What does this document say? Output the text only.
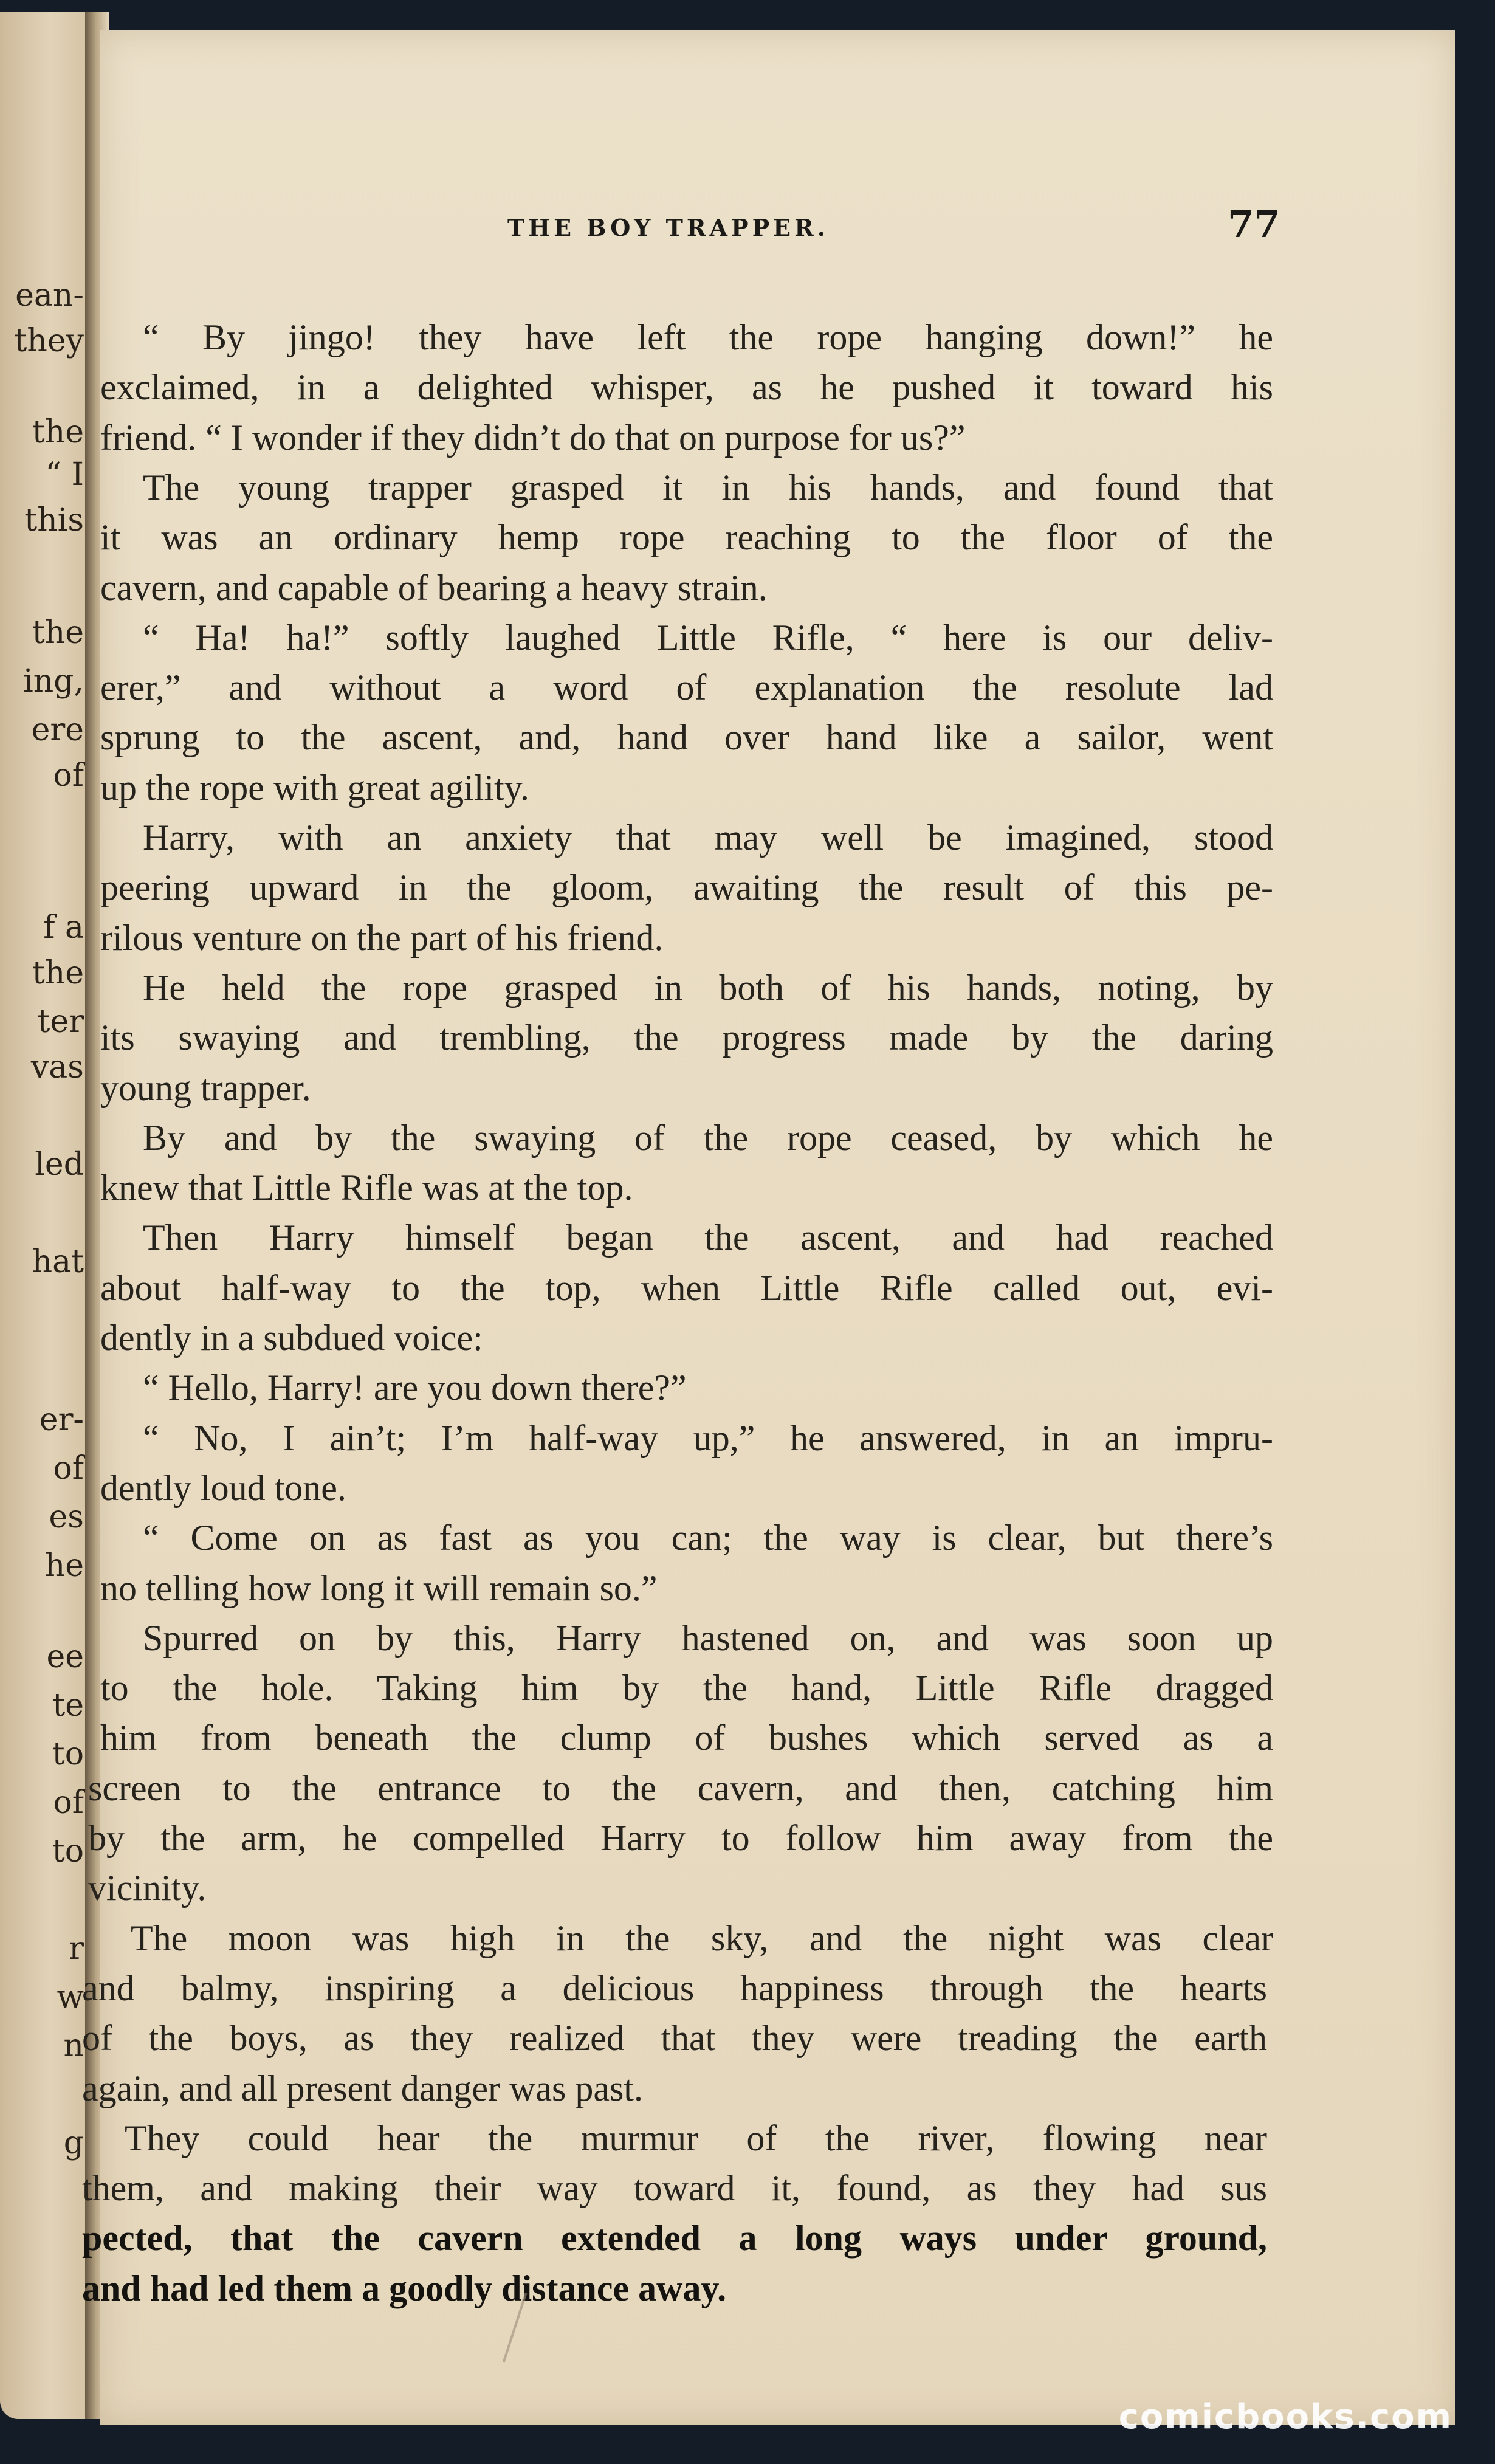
ean-
they
the
“ I
this
the
ing,
ere
of
f a
the
ter
vas
led
hat
er-
of
es
he
ee
te
to
of
to
r
w
n
g
THE BOY TRAPPER.	77
“ By jingo! they have left the rope hanging down!” he
exclaimed, in a delighted whisper, as he pushed it toward his
friend. “ I wonder if they didn’t do that on purpose for us?”
The young trapper grasped it in his hands, and found that
it was an ordinary hemp rope reaching to the floor of the
cavern, and capable of bearing a heavy strain.
“ Ha! ha!” softly laughed Little Rifle, “ here is our deliv-
erer,” and without a word of explanation the resolute lad
sprung to the ascent, and, hand over hand like a sailor, went
up the rope with great agility.
Harry, with an anxiety that may well be imagined, stood
peering upward in the gloom, awaiting the result of this pe-
rilous venture on the part of his friend.
He held the rope grasped in both of his hands, noting, by
its swaying and trembling, the progress made by the daring
young trapper.
By and by the swaying of the rope ceased, by which he
knew that Little Rifle was at the top.
Then Harry himself began the ascent, and had reached
about half-way to the top, when Little Rifle called out, evi-
dently in a subdued voice:
“ Hello, Harry! are you down there?”
“ No, I ain’t; I’m half-way up,” he answered, in an impru-
dently loud tone.
“ Come on as fast as you can; the way is clear, but there’s
no telling how long it will remain so.”
Spurred on by this, Harry hastened on, and was soon up
to the hole. Taking him by the hand, Little Rifle dragged
him from beneath the clump of bushes which served as a
screen to the entrance to the cavern, and then, catching him
by the arm, he compelled Harry to follow him away from the
vicinity.
The moon was high in the sky, and the night was clear
and balmy, inspiring a delicious happiness through the hearts
of the boys, as they realized that they were treading the earth
again, and all present danger was past.
They could hear the murmur of the river, flowing near
them, and making their way toward it, found, as they had sus
pected, that the cavern extended a long ways under ground,
and had led them a goodly distance away.
comicbooks.com
